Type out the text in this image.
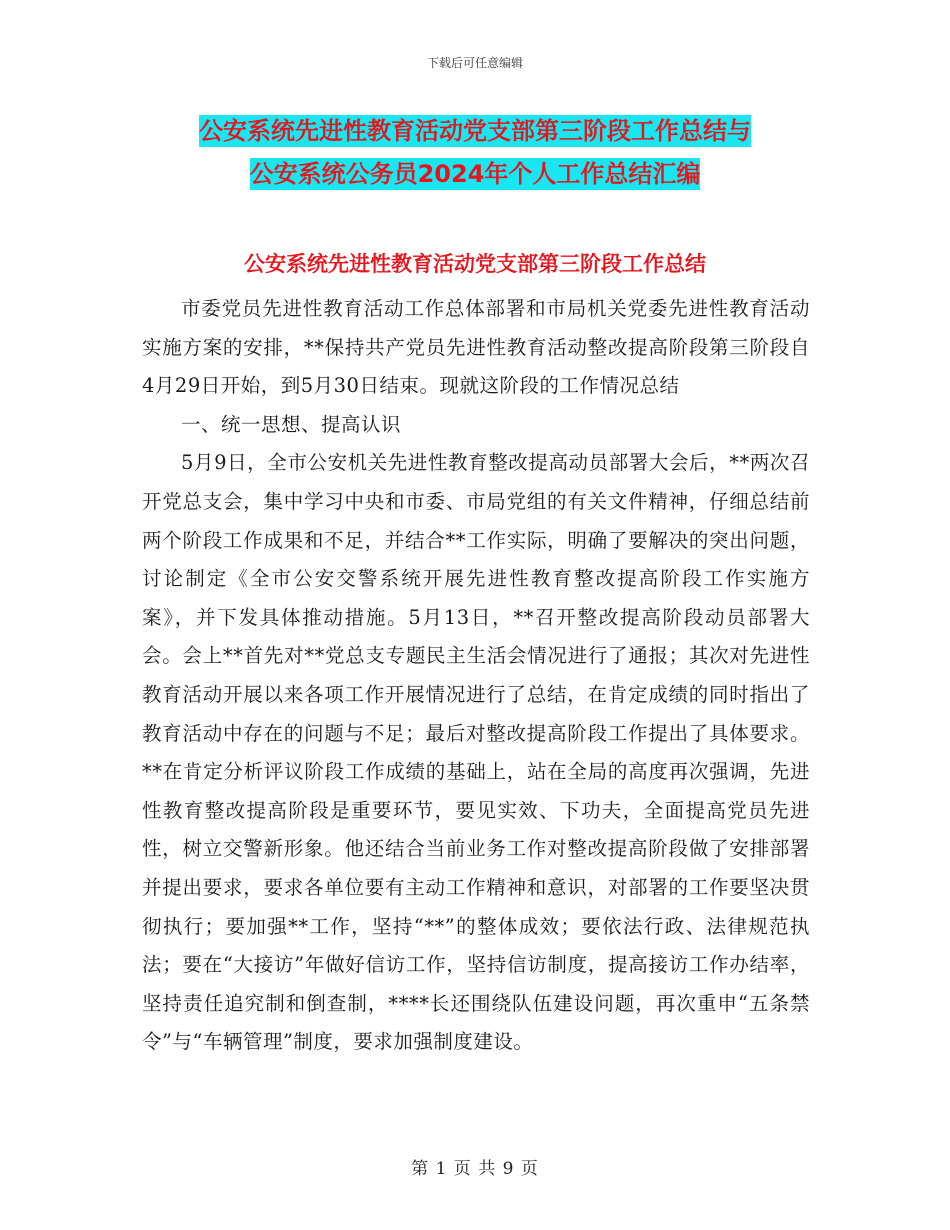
下载后可任意编辑
公安系统先进性教育活动党支部第三阶段工作总结与
公安系统公务员2024年个人工作总结汇编
公安系统先进性教育活动党支部第三阶段工作总结

市委党员先进性教育活动工作总体部署和市局机关党委先进性教育活动实施方案的安排，**保持共产党员先进性教育活动整改提高阶段第三阶段自4月29日开始，到5月30日结束。现就这阶段的工作情况总结

一、统一思想、提高认识

5月9日，全市公安机关先进性教育整改提高动员部署大会后，**两次召开党总支会，集中学习中央和市委、市局党组的有关文件精神，仔细总结前两个阶段工作成果和不足，并结合**工作实际，明确了要解决的突出问题，讨论制定《全市公安交警系统开展先进性教育整改提高阶段工作实施方案》，并下发具体推动措施。5月13日，**召开整改提高阶段动员部署大会。会上**首先对**党总支专题民主生活会情况进行了通报；其次对先进性教育活动开展以来各项工作开展情况进行了总结，在肯定成绩的同时指出了教育活动中存在的问题与不足；最后对整改提高阶段工作提出了具体要求。**在肯定分析评议阶段工作成绩的基础上，站在全局的高度再次强调，先进性教育整改提高阶段是重要环节，要见实效、下功夫，全面提高党员先进性，树立交警新形象。他还结合当前业务工作对整改提高阶段做了安排部署并提出要求，要求各单位要有主动工作精神和意识，对部署的工作要坚决贯彻执行；要加强**工作，坚持“**”的整体成效；要依法行政、法律规范执法；要在“大接访”年做好信访工作，坚持信访制度，提高接访工作办结率，坚持责任追究制和倒查制，****长还围绕队伍建设问题，再次重申“五条禁令”与“车辆管理”制度，要求加强制度建设。

第 1 页 共 9 页
